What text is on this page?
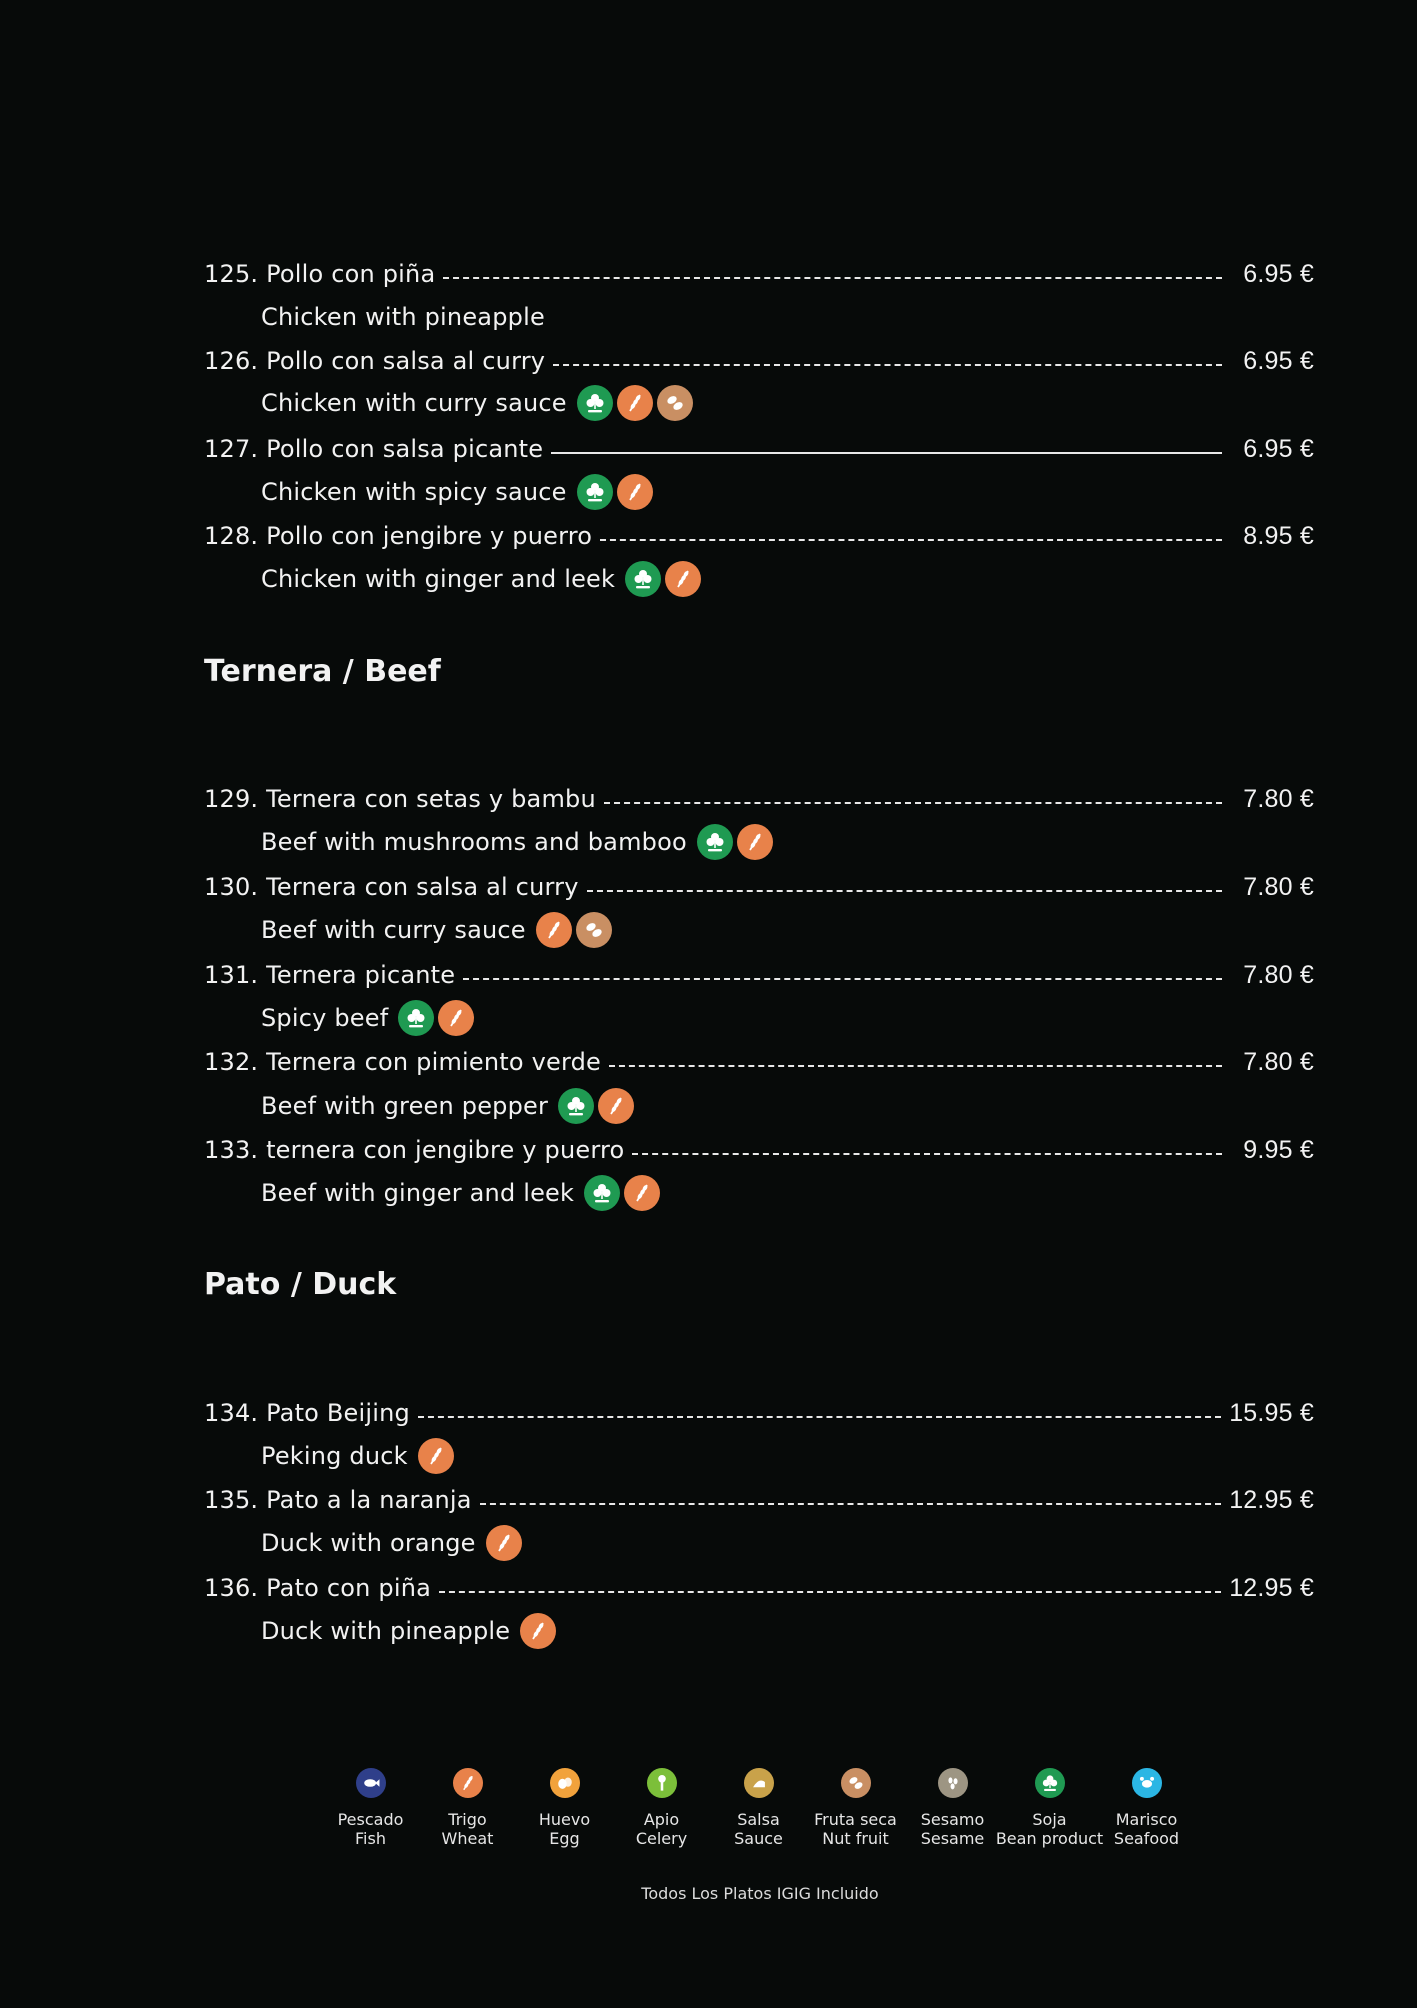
125. Pollo con piña	6.95 €
Chicken with pineapple
126. Pollo con salsa al curry	6.95 €
Chicken with curry sauce
127. Pollo con salsa picante	6.95 €
Chicken with spicy sauce
128. Pollo con jengibre y puerro	8.95 €
Chicken with ginger and leek
Ternera / Beef
129. Ternera con setas y bambu	7.80 €
Beef with mushrooms and bamboo
130. Ternera con salsa al curry	7.80 €
Beef with curry sauce
131. Ternera picante	7.80 €
Spicy beef
132. Ternera con pimiento verde	7.80 €
Beef with green pepper
133. ternera con jengibre y puerro	9.95 €
Beef with ginger and leek
Pato / Duck
134. Pato Beijing	15.95 €
Peking duck
135. Pato a la naranja	12.95 €
Duck with orange
136. Pato con piña	12.95 €
Duck with pineapple
Pescado
Fish
Trigo
Wheat
Huevo
Egg
Apio
Celery
Salsa
Sauce
Fruta seca
Nut fruit
Sesamo
Sesame
Soja
Bean product
Marisco
Seafood
Todos Los Platos IGIG Incluido
